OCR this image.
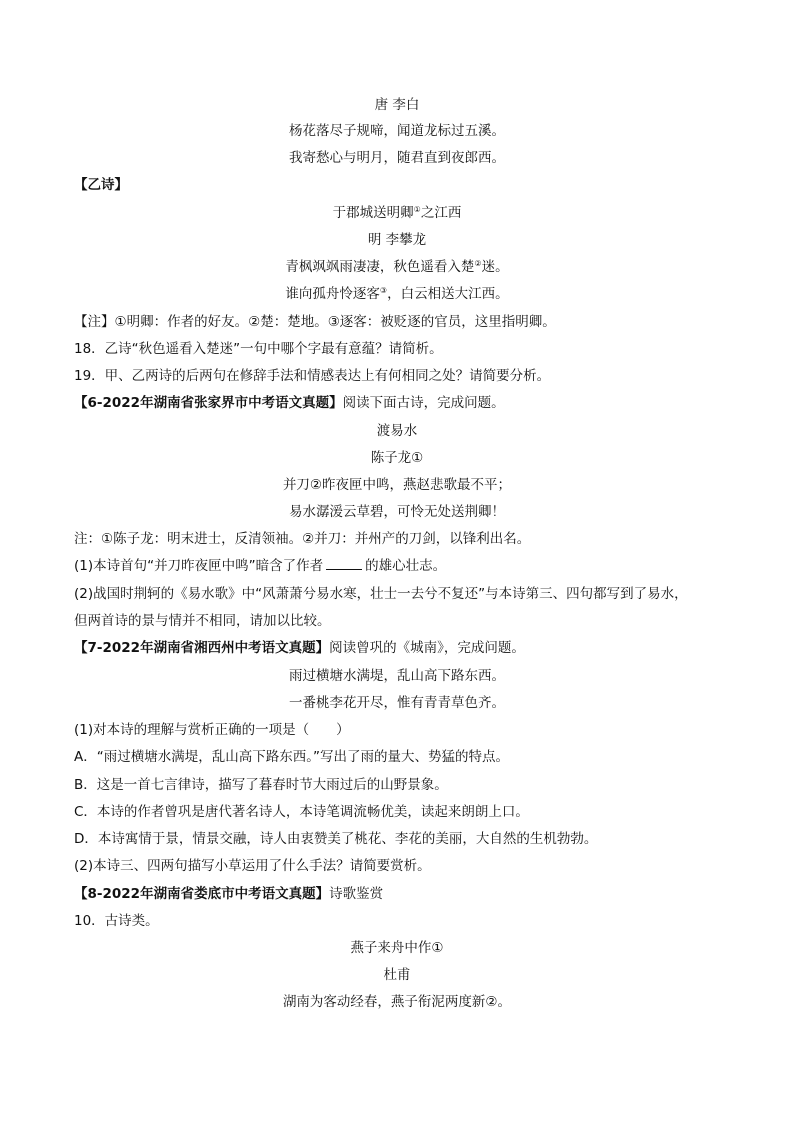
唐 李白
杨花落尽子规啼，闻道龙标过五溪。
我寄愁心与明月，随君直到夜郎西。
【乙诗】
于郡城送明卿①之江西
明 李攀龙
青枫飒飒雨凄凄，秋色遥看入楚②迷。
谁向孤舟怜逐客③，白云相送大江西。
【注】①明卿：作者的好友。②楚：楚地。③逐客：被贬逐的官员，这里指明卿。
18．乙诗“秋色遥看入楚迷”一句中哪个字最有意蕴？请简析。
19．甲、乙两诗的后两句在修辞手法和情感表达上有何相同之处？请简要分析。
【6-2022年湖南省张家界市中考语文真题】阅读下面古诗，完成问题。
渡易水
陈子龙①
并刀②昨夜匣中鸣，燕赵悲歌最不平；
易水潺湲云草碧，可怜无处送荆卿！
注：①陈子龙：明末进士，反清领袖。②并刀：并州产的刀剑，以锋利出名。
(1)本诗首句“并刀昨夜匣中鸣”暗含了作者	的雄心壮志。
(2)战国时荆轲的《易水歌》中“风萧萧兮易水寒，壮士一去兮不复还”与本诗第三、四句都写到了易水，
但两首诗的景与情并不相同，请加以比较。
【7-2022年湖南省湘西州中考语文真题】阅读曾巩的《城南》，完成问题。
雨过横塘水满堤，乱山高下路东西。
一番桃李花开尽，惟有青青草色齐。
(1)对本诗的理解与赏析正确的一项是（　　）
A．“雨过横塘水满堤，乱山高下路东西。”写出了雨的量大、势猛的特点。
B．这是一首七言律诗，描写了暮春时节大雨过后的山野景象。
C．本诗的作者曾巩是唐代著名诗人，本诗笔调流畅优美，读起来朗朗上口。
D．本诗寓情于景，情景交融，诗人由衷赞美了桃花、李花的美丽，大自然的生机勃勃。
(2)本诗三、四两句描写小草运用了什么手法？请简要赏析。
【8-2022年湖南省娄底市中考语文真题】诗歌鉴赏
10．古诗类。
燕子来舟中作①
杜甫
湖南为客动经春，燕子衔泥两度新②。
